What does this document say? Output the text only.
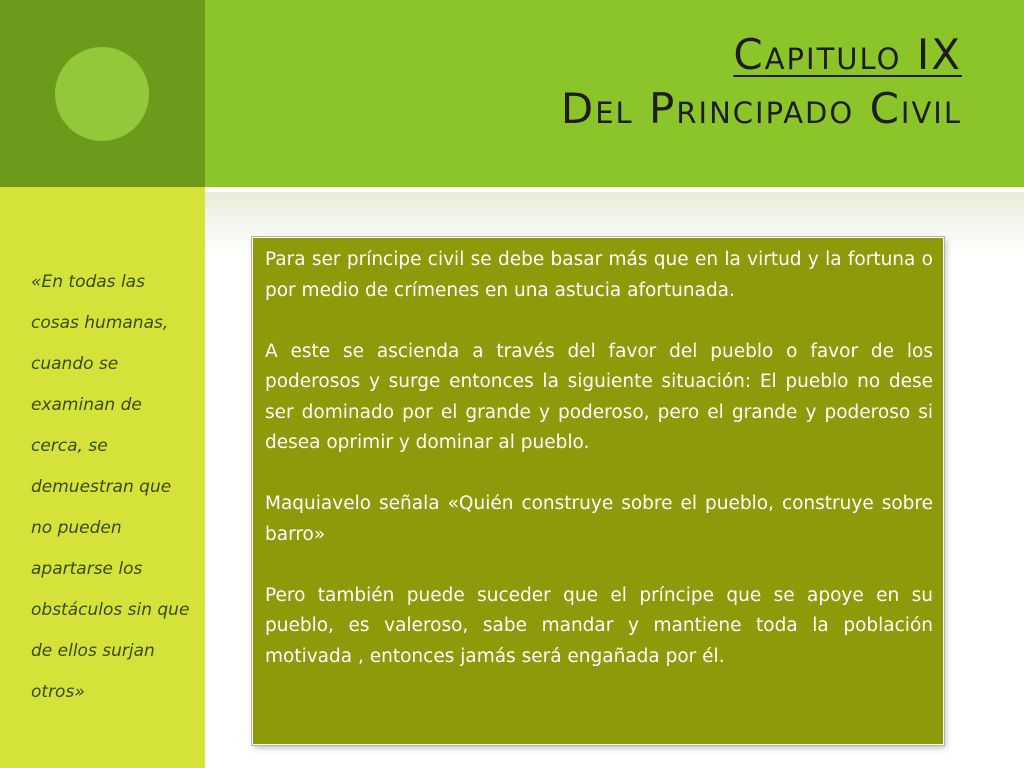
Capitulo IX
Del Principado Civil
«En todas las cosas humanas, cuando se examinan de cerca, se demuestran que no pueden apartarse los obstáculos sin que de ellos surjan otros»

Para ser príncipe civil se debe basar más que en la virtud y la fortuna o por medio de crímenes en una astucia afortunada.

A este se ascienda a través del favor del pueblo o favor de los poderosos y surge entonces la siguiente situación: El pueblo no dese ser dominado por el grande y poderoso, pero el grande y poderoso si desea oprimir y dominar al pueblo.

Maquiavelo señala «Quién construye sobre el pueblo, construye sobre barro»

Pero también puede suceder que el príncipe que se apoye en su pueblo, es valeroso, sabe mandar y mantiene toda la población motivada , entonces jamás será engañada por él.
